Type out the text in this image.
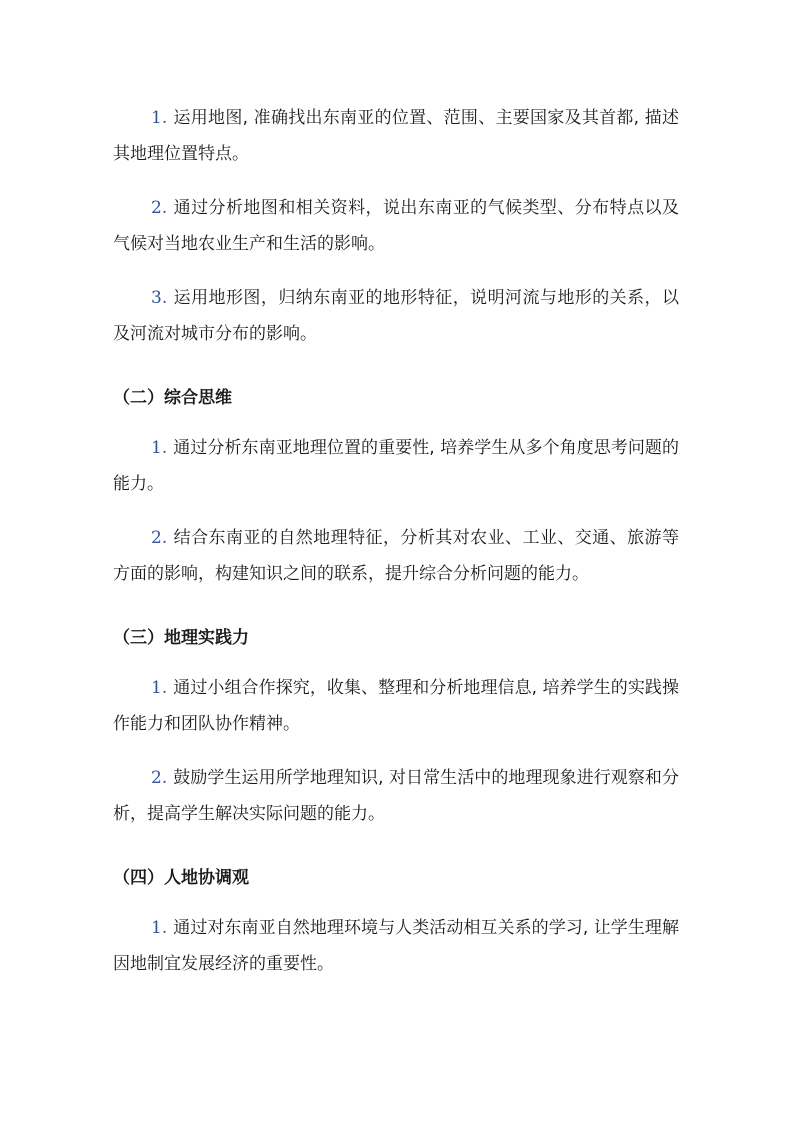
1. 运用地图, 准确找出东南亚的位置、范围、主要国家及其首都, 描述其地理位置特点。

2. 通过分析地图和相关资料，说出东南亚的气候类型、分布特点以及气候对当地农业生产和生活的影响。

3. 运用地形图，归纳东南亚的地形特征，说明河流与地形的关系，以及河流对城市分布的影响。

（二）综合思维

1. 通过分析东南亚地理位置的重要性, 培养学生从多个角度思考问题的能力。

2. 结合东南亚的自然地理特征，分析其对农业、工业、交通、旅游等方面的影响，构建知识之间的联系，提升综合分析问题的能力。

（三）地理实践力

1. 通过小组合作探究，收集、整理和分析地理信息, 培养学生的实践操作能力和团队协作精神。

2. 鼓励学生运用所学地理知识, 对日常生活中的地理现象进行观察和分析，提高学生解决实际问题的能力。

（四）人地协调观

1. 通过对东南亚自然地理环境与人类活动相互关系的学习, 让学生理解因地制宜发展经济的重要性。
